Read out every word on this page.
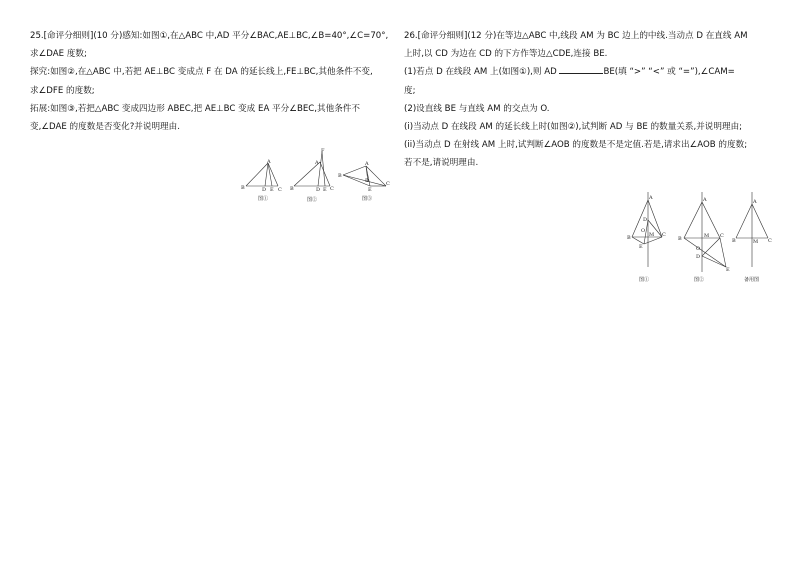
25.[命评分细则](10 分)感知:如图①,在△ABC 中,AD 平分∠BAC,AE⊥BC,∠B=40°,∠C=70°,

求∠DAE 度数;

探究:如图②,在△ABC 中,若把 AE⊥BC 变成点 F 在 DA 的延长线上,FE⊥BC,其他条件不变,

求∠DFE 的度数;

拓展:如图③,若把△ABC 变成四边形 ABEC,把 AE⊥BC 变成 EA 平分∠BEC,其他条件不

变,∠DAE 的度数是否变化?并说明理由.

26.[命评分细则](12 分)在等边△ABC 中,线段 AM 为 BC 边上的中线.当动点 D 在直线 AM

上时,以 CD 为边在 CD 的下方作等边△CDE,连接 BE.

(1)若点 D 在线段 AM 上(如图①),则 AD	BE(填 “>” “<” 或 “=”),∠CAM=

度;

(2)设直线 BE 与直线 AM 的交点为 O.

(i)当动点 D 在线段 AM 的延长线上时(如图②),试判断 AD 与 BE 的数量关系,并说明理由;

(ii)当动点 D 在射线 AM 上时,试判断∠AOB 的度数是不是定值.若是,请求出∠AOB 的度数;

若不是,请说明理由.

A
B	D E C
图①
F
A
B	D E C
图②
A
B
D
E
C
图③	A
D
B	M C
O
E
图①
A
B	M C
O
D
E
图②
A
B	M C
备用图
